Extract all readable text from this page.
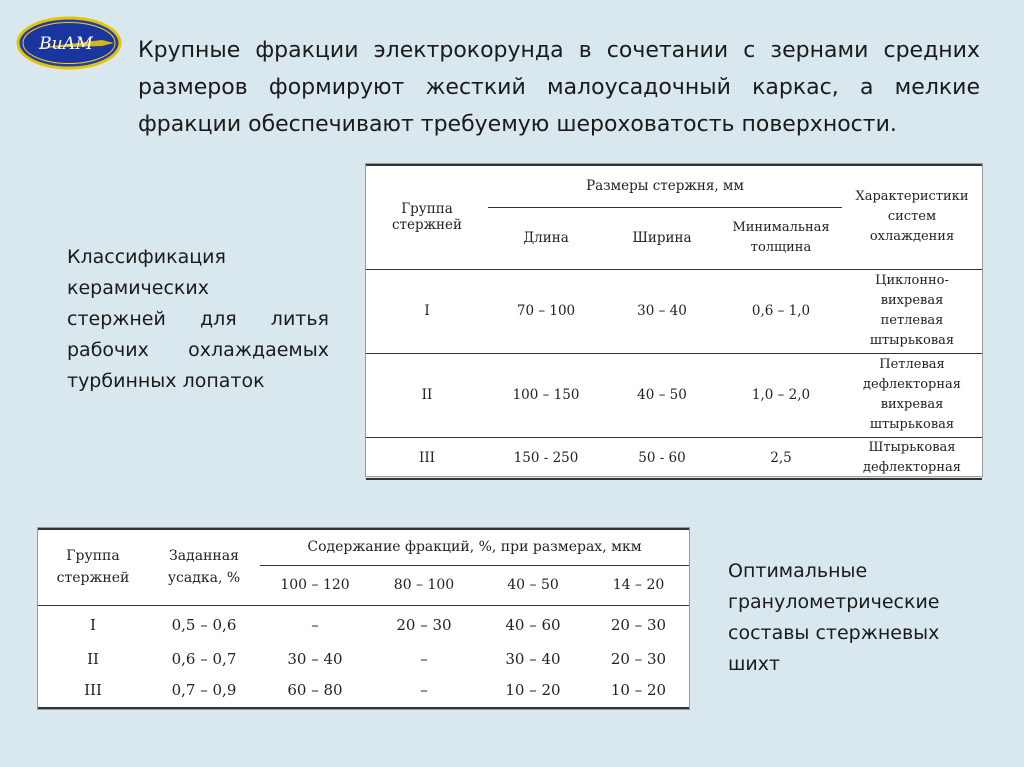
ВиАМ Крупные фракции электрокорунда в сочетании с зернами средних размеров формируют жесткий малоусадочный каркас, а мелкие фракции обеспечивают требуемую шероховатость поверхности.
Классификация
керамических
стержней для литья
рабочих охлаждаемых
турбинных лопаток
Группа стержней	Размеры стержня, мм			Характеристики систем охлаждения
	Длина	Ширина	Минимальная толщина	
I	70 – 100	30 – 40	0,6 – 1,0	Циклонно-
вихревая
петлевая
штырьковая

II	100 – 150	40 – 50	1,0 – 2,0	Петлевая
дефлекторная
вихревая
штырьковая

III	150 - 250	50 - 60	2,5	Штырьковая
дефлекторная
Группа стержней	Заданная усадка, %	Содержание фракций, %, при размерах, мкм			
		100 – 120	80 – 100	40 – 50	14 – 20
I	0,5 – 0,6	–	20 – 30	40 – 60	20 – 30
II	0,6 – 0,7	30 – 40	–	30 – 40	20 – 30
III	0,7 – 0,9	60 – 80	–	10 – 20	10 – 20
Оптимальные
гранулометрические
составы стержневых
шихт
